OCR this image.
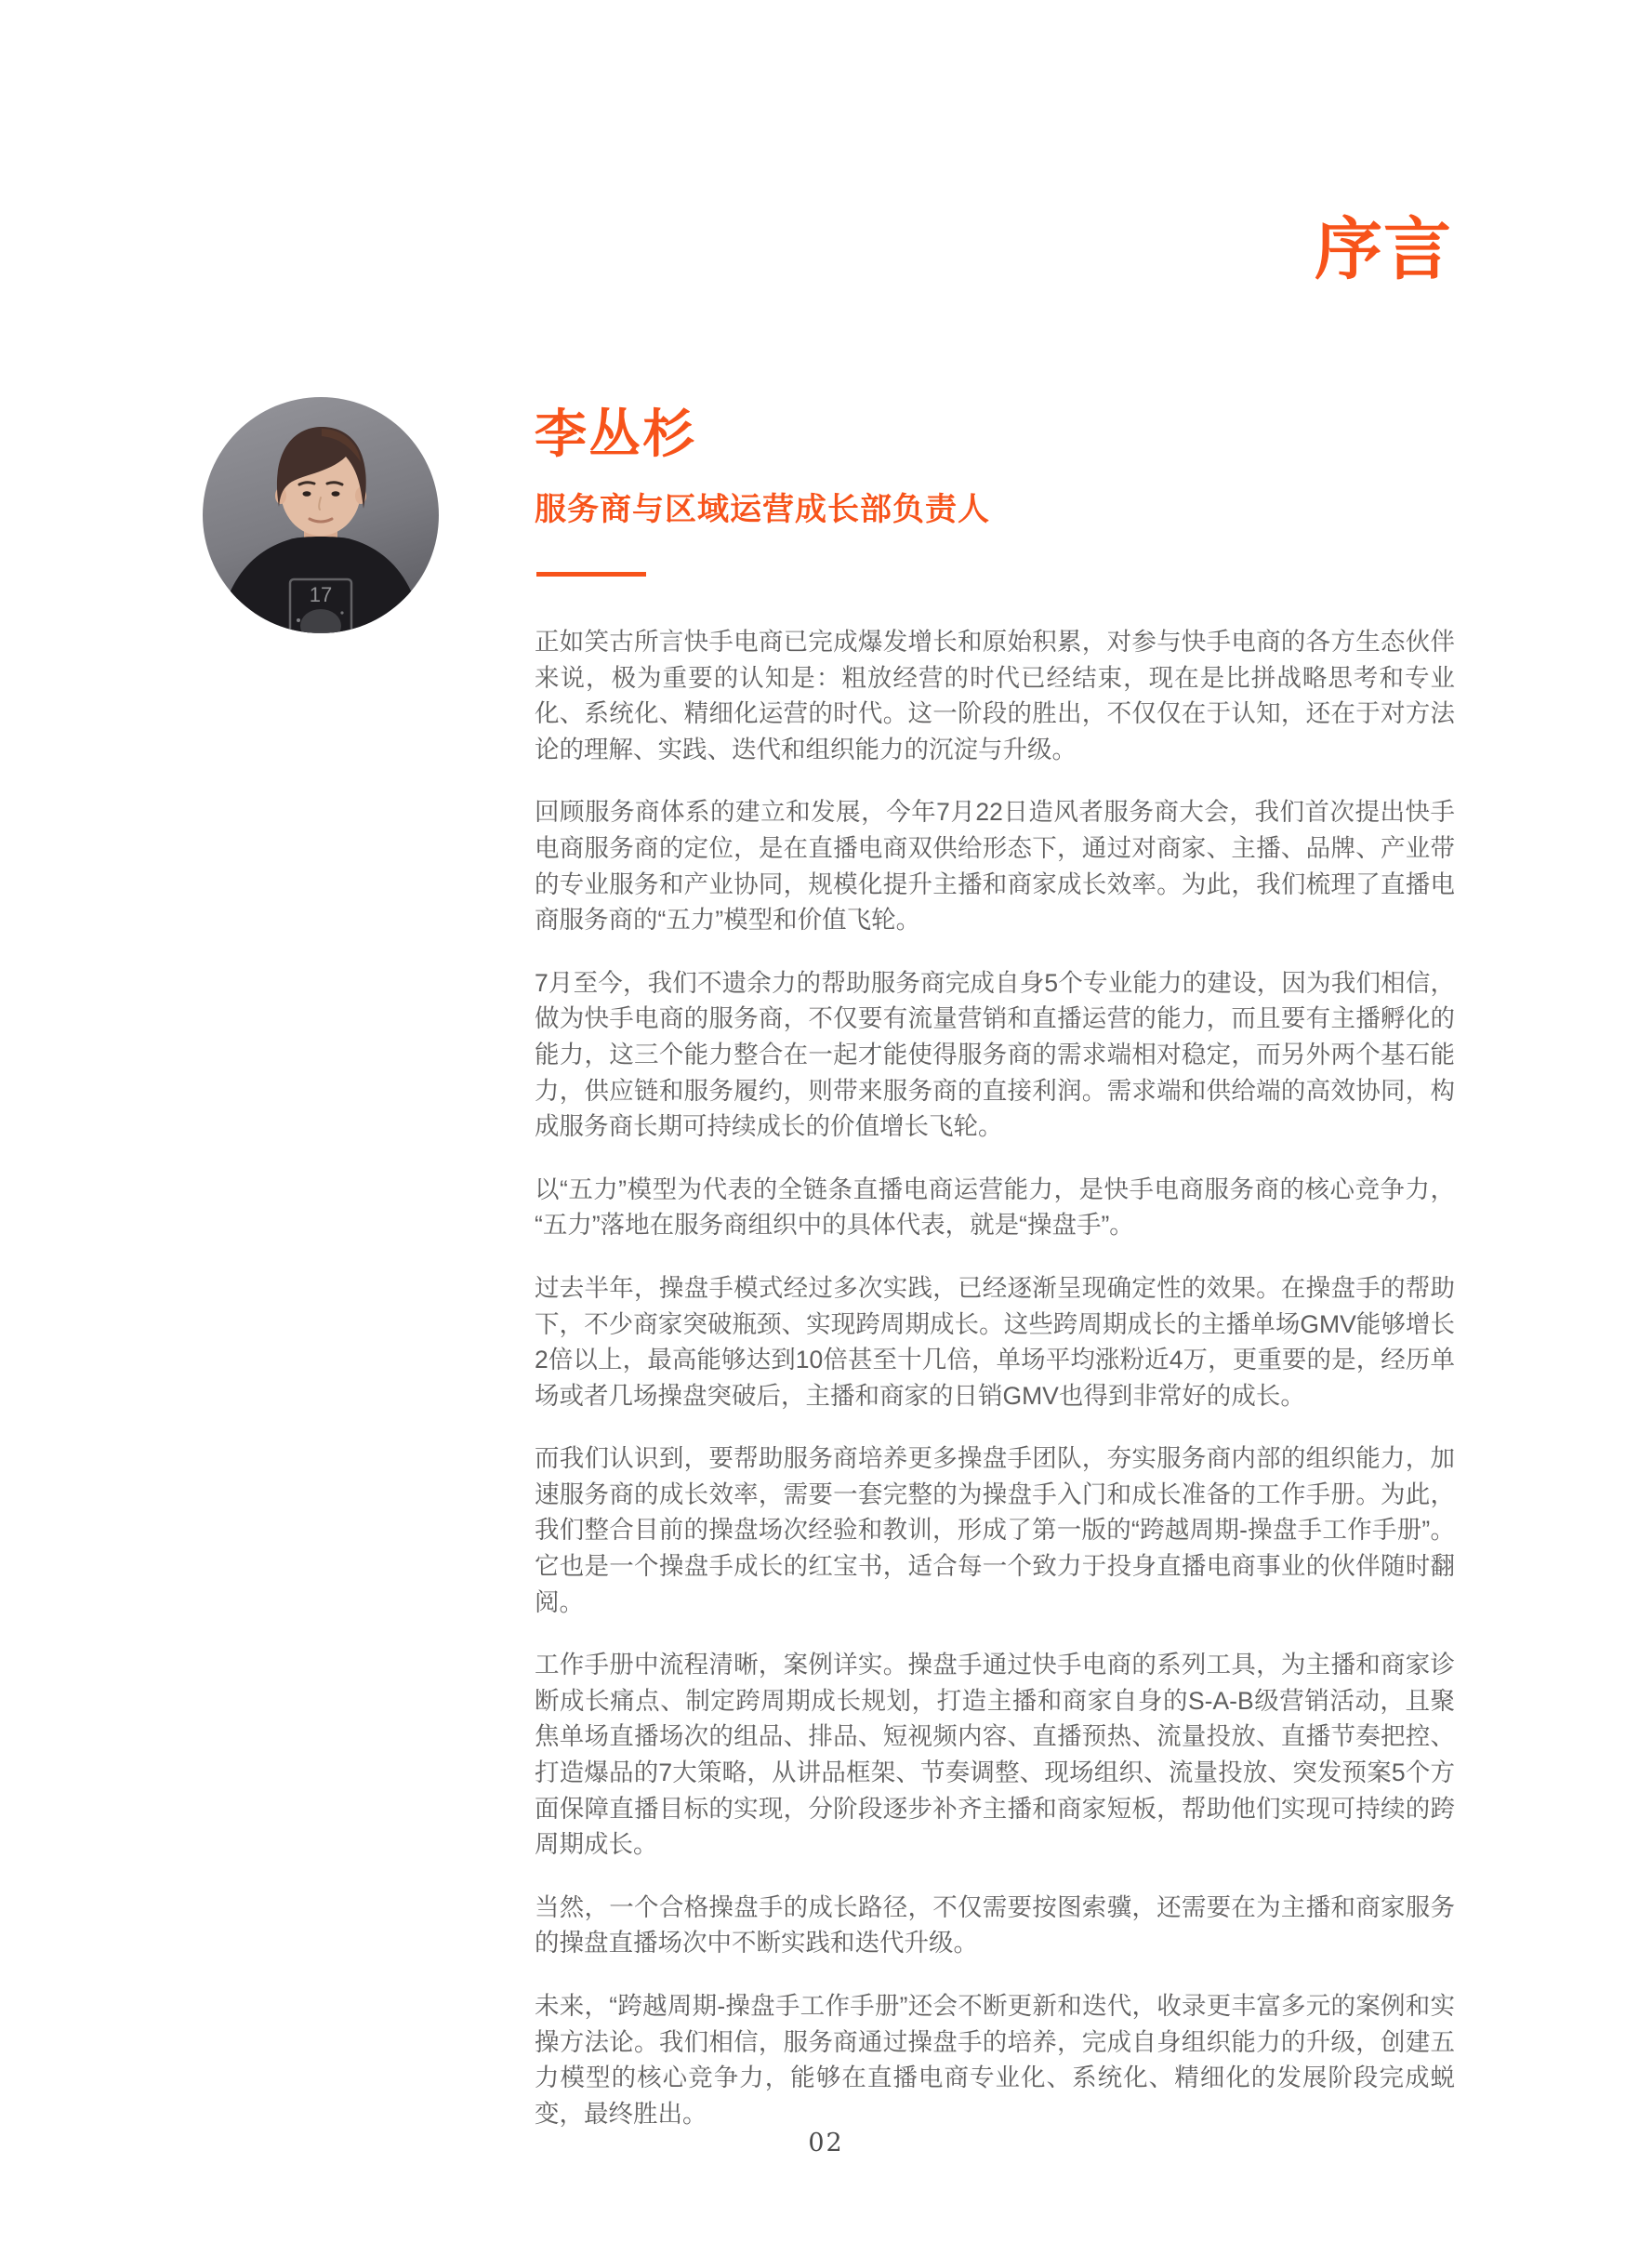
序言
17
李丛杉
服务商与区域运营成长部负责人

正如笑古所言快手电商已完成爆发增长和原始积累，对参与快手电商的各方生态伙伴来说，极为重要的认知是：粗放经营的时代已经结束，现在是比拼战略思考和专业化、系统化、精细化运营的时代。这一阶段的胜出，不仅仅在于认知，还在于对方法论的理解、实践、迭代和组织能力的沉淀与升级。

回顾服务商体系的建立和发展，今年7月22日造风者服务商大会，我们首次提出快手电商服务商的定位，是在直播电商双供给形态下，通过对商家、主播、品牌、产业带的专业服务和产业协同，规模化提升主播和商家成长效率。为此，我们梳理了直播电商服务商的“五力”模型和价值飞轮。

7月至今，我们不遗余力的帮助服务商完成自身5个专业能力的建设，因为我们相信，做为快手电商的服务商，不仅要有流量营销和直播运营的能力，而且要有主播孵化的能力，这三个能力整合在一起才能使得服务商的需求端相对稳定，而另外两个基石能力，供应链和服务履约，则带来服务商的直接利润。需求端和供给端的高效协同，构成服务商长期可持续成长的价值增长飞轮。

以“五力”模型为代表的全链条直播电商运营能力，是快手电商服务商的核心竞争力，“五力”落地在服务商组织中的具体代表，就是“操盘手”。

过去半年，操盘手模式经过多次实践，已经逐渐呈现确定性的效果。在操盘手的帮助下，不少商家突破瓶颈、实现跨周期成长。这些跨周期成长的主播单场GMV能够增长2倍以上，最高能够达到10倍甚至十几倍，单场平均涨粉近4万，更重要的是，经历单场或者几场操盘突破后，主播和商家的日销GMV也得到非常好的成长。

而我们认识到，要帮助服务商培养更多操盘手团队，夯实服务商内部的组织能力，加速服务商的成长效率，需要一套完整的为操盘手入门和成长准备的工作手册。为此，我们整合目前的操盘场次经验和教训，形成了第一版的“跨越周期-操盘手工作手册”。它也是一个操盘手成长的红宝书，适合每一个致力于投身直播电商事业的伙伴随时翻阅。

工作手册中流程清晰，案例详实。操盘手通过快手电商的系列工具，为主播和商家诊断成长痛点、制定跨周期成长规划，打造主播和商家自身的S-A-B级营销活动，且聚焦单场直播场次的组品、排品、短视频内容、直播预热、流量投放、直播节奏把控、打造爆品的7大策略，从讲品框架、节奏调整、现场组织、流量投放、突发预案5个方面保障直播目标的实现，分阶段逐步补齐主播和商家短板，帮助他们实现可持续的跨周期成长。

当然，一个合格操盘手的成长路径，不仅需要按图索骥，还需要在为主播和商家服务的操盘直播场次中不断实践和迭代升级。

未来，“跨越周期-操盘手工作手册”还会不断更新和迭代，收录更丰富多元的案例和实操方法论。我们相信，服务商通过操盘手的培养，完成自身组织能力的升级，创建五力模型的核心竞争力，能够在直播电商专业化、系统化、精细化的发展阶段完成蜕变，最终胜出。

02
